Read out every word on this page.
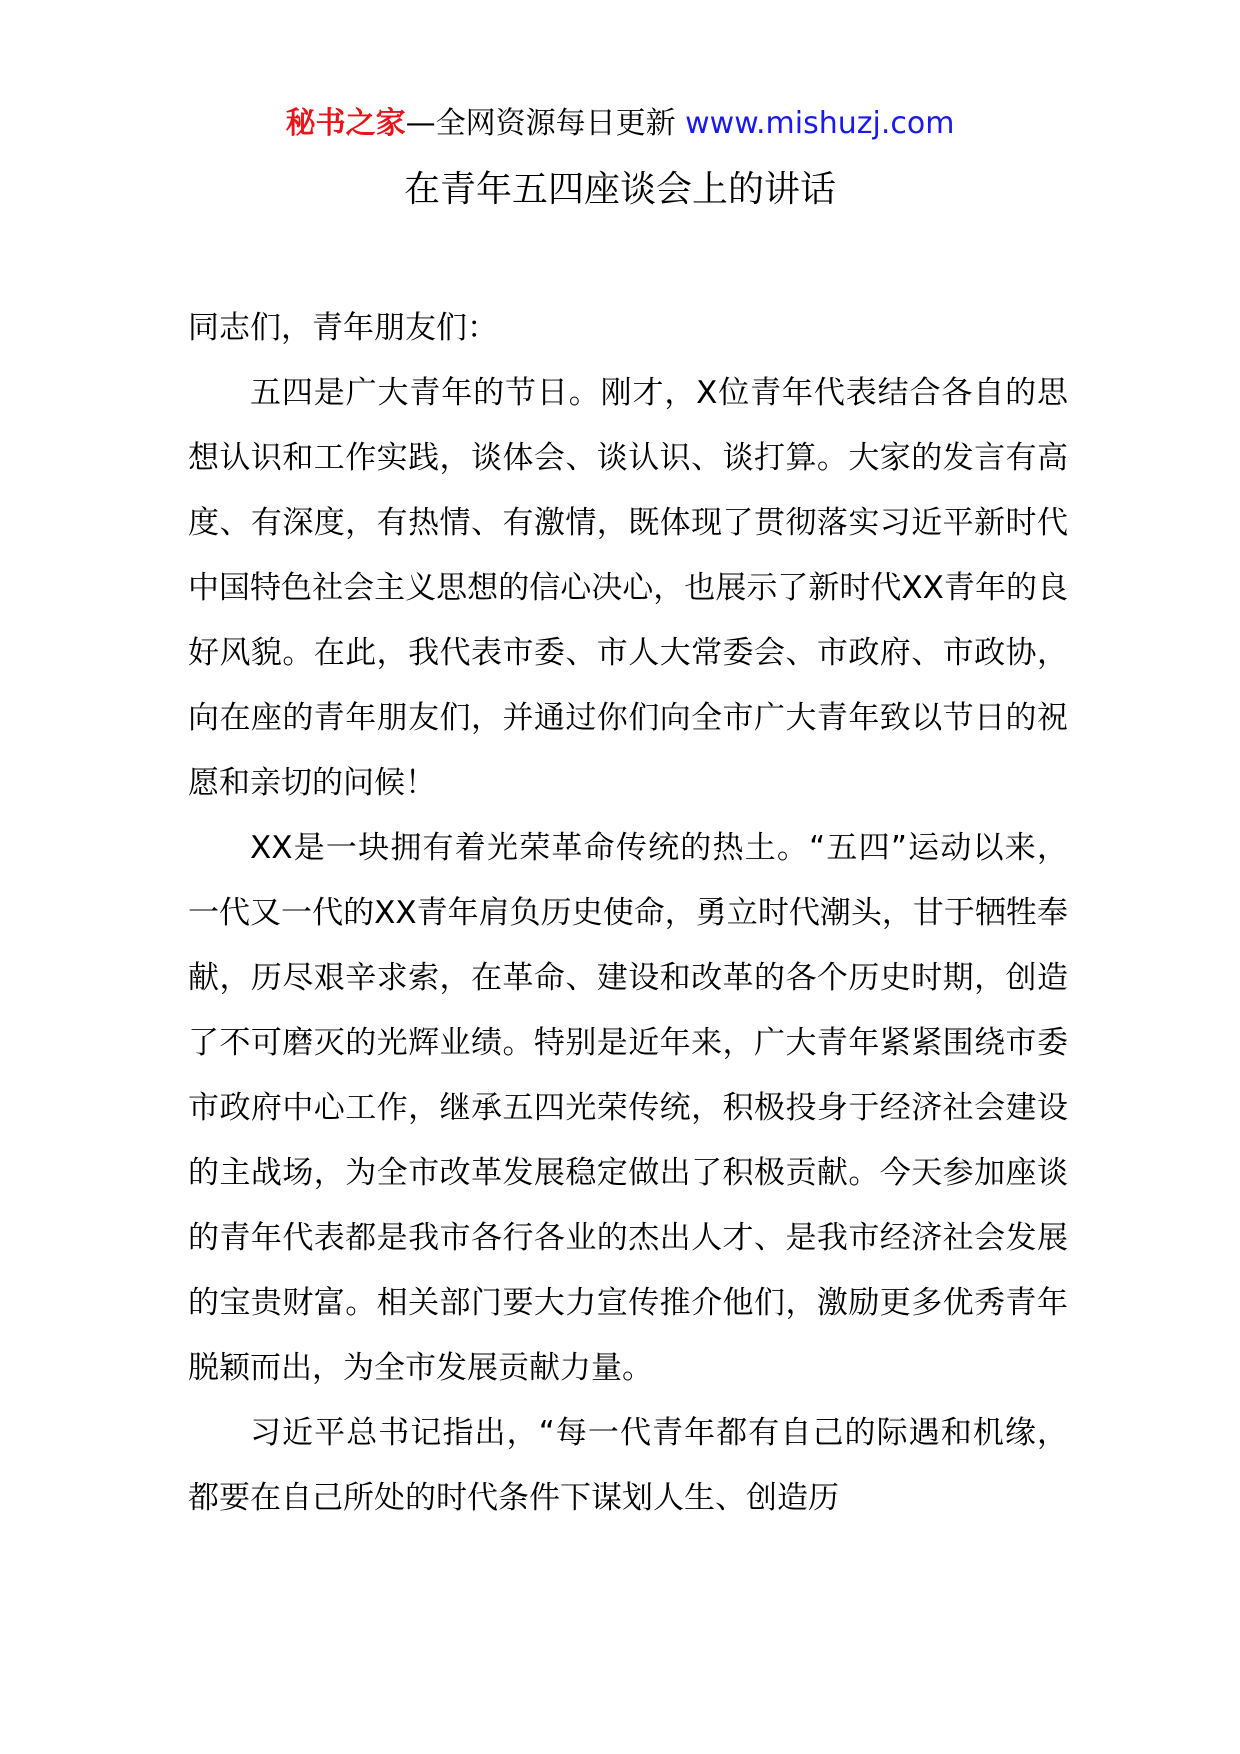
秘书之家—全网资源每日更新 www.mishuzj.com
在青年五四座谈会上的讲话

同志们，青年朋友们：

五四是广大青年的节日。刚才，X位青年代表结合各自的思想认识和工作实践，谈体会、谈认识、谈打算。大家的发言有高度、有深度，有热情、有激情，既体现了贯彻落实习近平新时代中国特色社会主义思想的信心决心，也展示了新时代XX青年的良好风貌。在此，我代表市委、市人大常委会、市政府、市政协，向在座的青年朋友们，并通过你们向全市广大青年致以节日的祝愿和亲切的问候！

XX是一块拥有着光荣革命传统的热土。“五四”运动以来，一代又一代的XX青年肩负历史使命，勇立时代潮头，甘于牺牲奉献，历尽艰辛求索，在革命、建设和改革的各个历史时期，创造了不可磨灭的光辉业绩。特别是近年来，广大青年紧紧围绕市委市政府中心工作，继承五四光荣传统，积极投身于经济社会建设的主战场，为全市改革发展稳定做出了积极贡献。今天参加座谈的青年代表都是我市各行各业的杰出人才、是我市经济社会发展的宝贵财富。相关部门要大力宣传推介他们，激励更多优秀青年脱颖而出，为全市发展贡献力量。

习近平总书记指出，“每一代青年都有自己的际遇和机缘，都要在自己所处的时代条件下谋划人生、创造历
